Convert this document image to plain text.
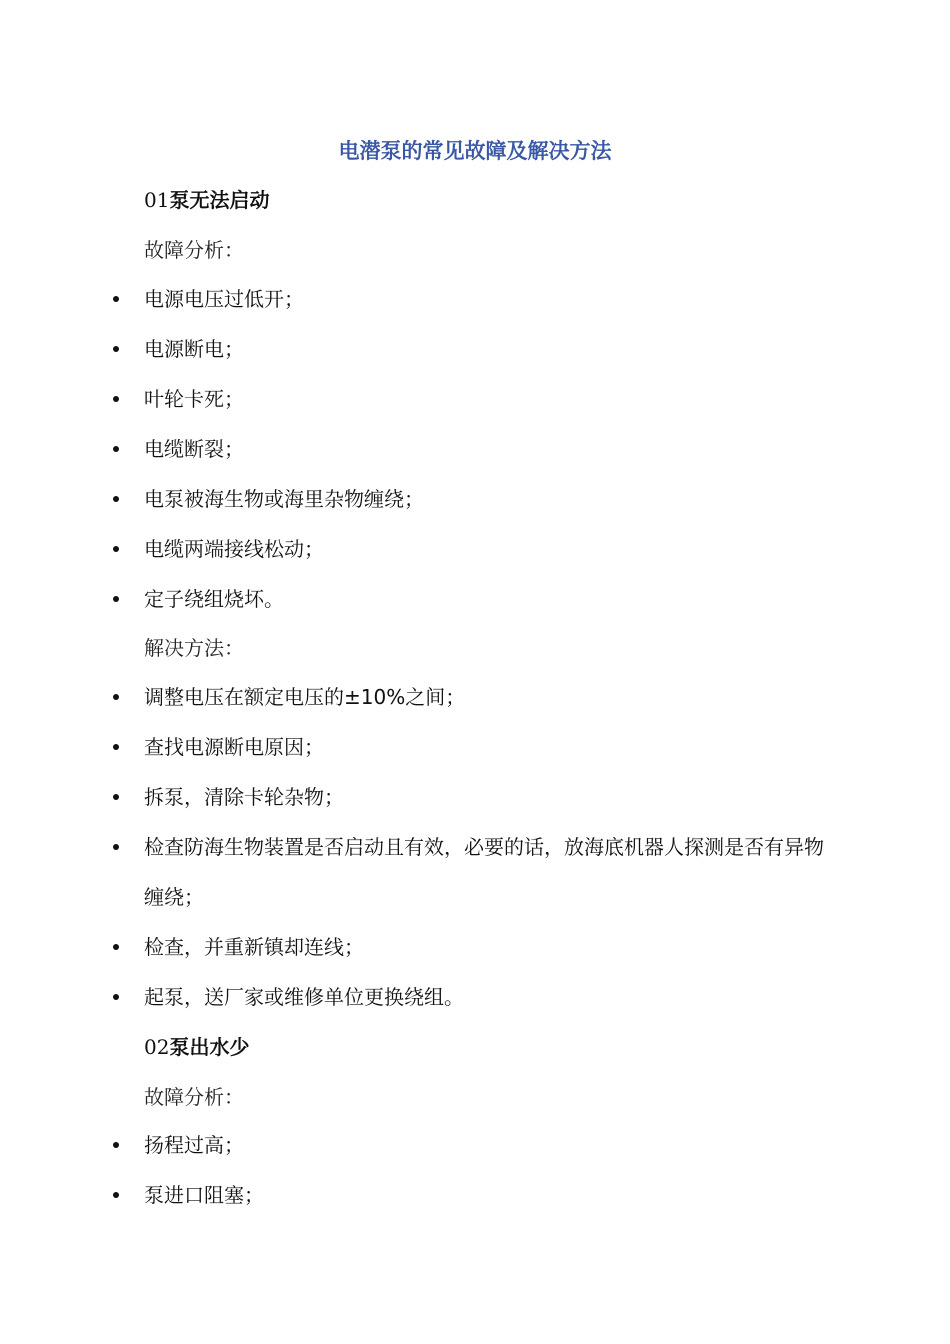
电潜泵的常见故障及解决方法
01泵无法启动
故障分析：
电源电压过低开；
电源断电；
叶轮卡死；
电缆断裂；
电泵被海生物或海里杂物缠绕；
电缆两端接线松动；
定子绕组烧坏。
解决方法：
调整电压在额定电压的±10%之间；
查找电源断电原因；
拆泵，清除卡轮杂物；
检查防海生物装置是否启动且有效，必要的话，放海底机器人探测是否有异物缠绕；
检查，并重新镇却连线；
起泵，送厂家或维修单位更换绕组。
02泵出水少
故障分析：
扬程过高；
泵进口阻塞；
